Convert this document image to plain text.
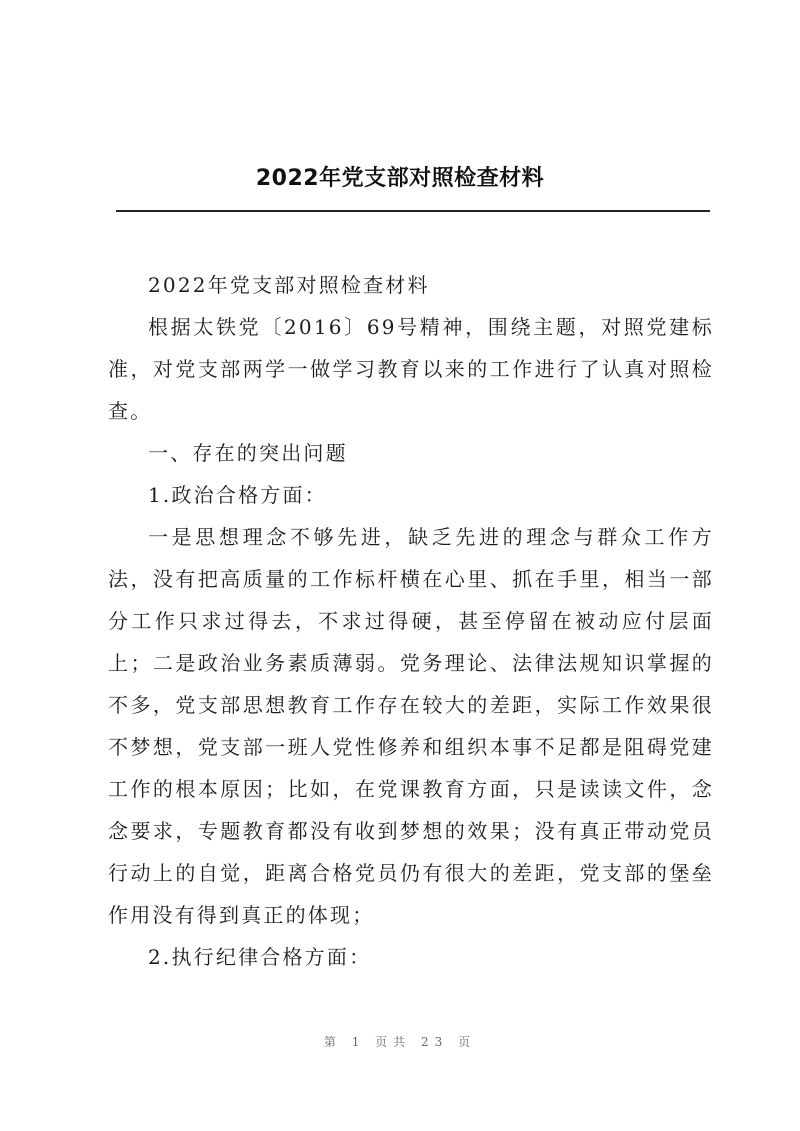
2022年党支部对照检查材料

2022年党支部对照检查材料

根据太铁党〔2016〕69号精神，围绕主题，对照党建标准，对党支部两学一做学习教育以来的工作进行了认真对照检查。

一、存在的突出问题

1.政治合格方面：

一是思想理念不够先进，缺乏先进的理念与群众工作方法，没有把高质量的工作标杆横在心里、抓在手里，相当一部分工作只求过得去，不求过得硬，甚至停留在被动应付层面上；二是政治业务素质薄弱。党务理论、法律法规知识掌握的不多，党支部思想教育工作存在较大的差距，实际工作效果很不梦想，党支部一班人党性修养和组织本事不足都是阻碍党建工作的根本原因；比如，在党课教育方面，只是读读文件，念念要求，专题教育都没有收到梦想的效果；没有真正带动党员行动上的自觉，距离合格党员仍有很大的差距，党支部的堡垒作用没有得到真正的体现；

2.执行纪律合格方面：

第 1 页共 23 页
